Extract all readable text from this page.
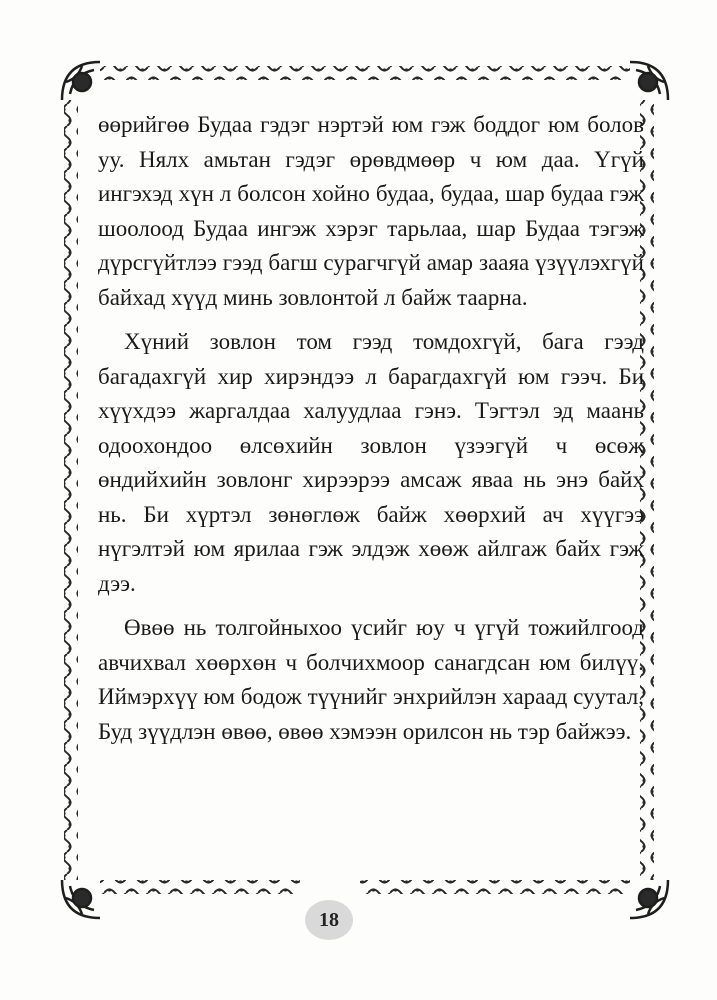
өөрийгөө Будаа гэдэг нэртэй юм гэж боддог юм болов уу. Нялх амьтан гэдэг өрөвдмөөр ч юм даа. Үгүй ингэхэд хүн л болсон хойно будаа, будаа, шар будаа гэж шоолоод Будаа ингэж хэрэг тарьлаа, шар Будаа тэгэж дүрсгүйтлээ гээд багш сурагчгүй амар зааяа үзүүлэхгүй байхад хүүд минь зовлонтой л байж таарна.

Хүний зовлон том гээд томдохгүй, бага гээд багадахгүй хир хирэндээ л барагдахгүй юм гээч. Би хүүхдээ жаргалдаа халуудлаа гэнэ. Тэгтэл эд маань одоохондоо өлсөхийн зовлон үзээгүй ч өсөж өндийхийн зовлонг хирээрээ амсаж яваа нь энэ байх нь. Би хүртэл зөнөглөж байж хөөрхий ач хүүгээ нүгэлтэй юм ярилаа гэж элдэж хөөж айлгаж байх гэж дээ.

Өвөө нь толгойныхоо үсийг юу ч үгүй тожийлгоод авчихвал хөөрхөн ч болчихмоор санагдсан юм билүү. Иймэрхүү юм бодож түүнийг энхрийлэн хараад суутал, Буд зүүдлэн өвөө, өвөө хэмээн орилсон нь тэр байжээ.

18
